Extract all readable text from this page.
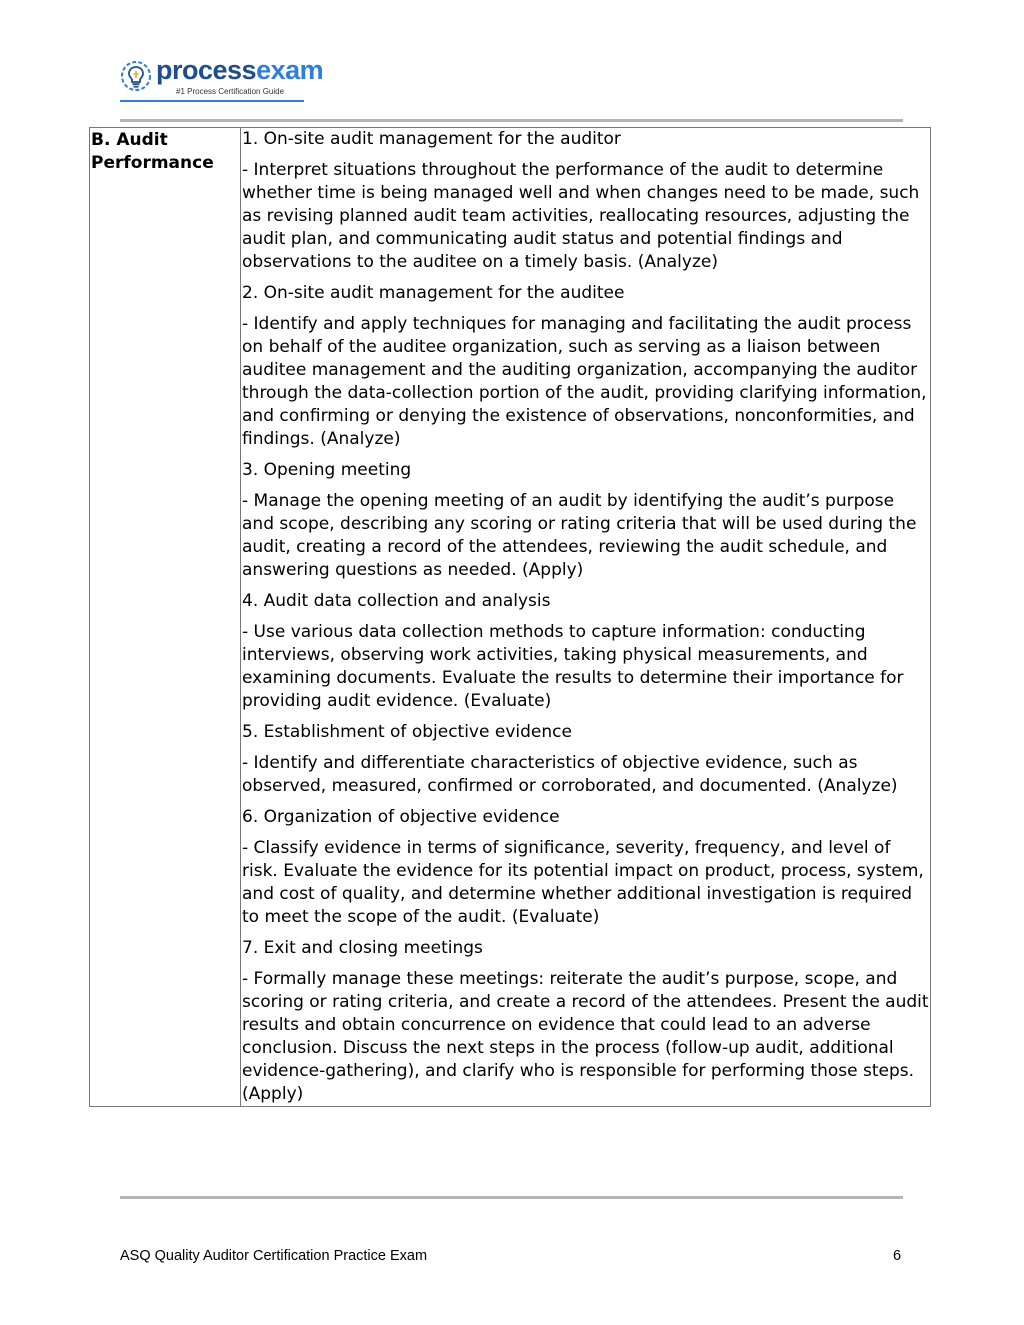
processexam
#1 Process Certification Guide
B. Audit Performance

1. On-site audit management for the auditor
- Interpret situations throughout the performance of the audit to determine whether time is being managed well and when changes need to be made, such as revising planned audit team activities, reallocating resources, adjusting the audit plan, and communicating audit status and potential findings and observations to the auditee on a timely basis. (Analyze)
2. On-site audit management for the auditee
- Identify and apply techniques for managing and facilitating the audit process on behalf of the auditee organization, such as serving as a liaison between auditee management and the auditing organization, accompanying the auditor through the data-collection portion of the audit, providing clarifying information, and confirming or denying the existence of observations, nonconformities, and findings. (Analyze)
3. Opening meeting
- Manage the opening meeting of an audit by identifying the audit’s purpose and scope, describing any scoring or rating criteria that will be used during the audit, creating a record of the attendees, reviewing the audit schedule, and answering questions as needed. (Apply)
4. Audit data collection and analysis
- Use various data collection methods to capture information: conducting interviews, observing work activities, taking physical measurements, and examining documents. Evaluate the results to determine their importance for providing audit evidence. (Evaluate)
5. Establishment of objective evidence
- Identify and differentiate characteristics of objective evidence, such as observed, measured, confirmed or corroborated, and documented. (Analyze)
6. Organization of objective evidence
- Classify evidence in terms of significance, severity, frequency, and level of risk. Evaluate the evidence for its potential impact on product, process, system, and cost of quality, and determine whether additional investigation is required to meet the scope of the audit. (Evaluate)
7. Exit and closing meetings
- Formally manage these meetings: reiterate the audit’s purpose, scope, and scoring or rating criteria, and create a record of the attendees. Present the audit results and obtain concurrence on evidence that could lead to an adverse conclusion. Discuss the next steps in the process (follow-up audit, additional evidence-gathering), and clarify who is responsible for performing those steps. (Apply)
ASQ Quality Auditor Certification Practice Exam	6
